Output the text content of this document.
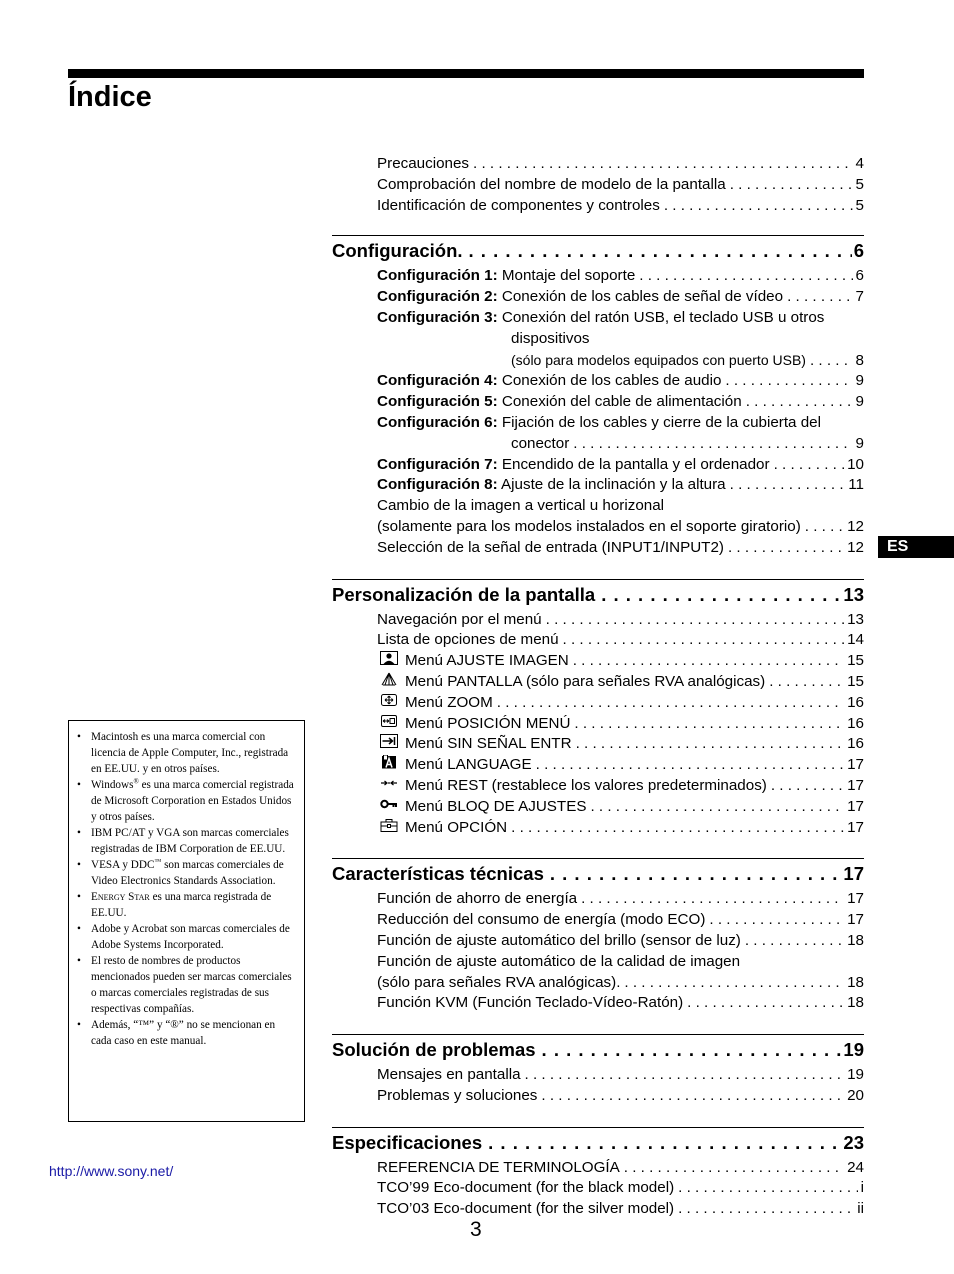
Índice
Precauciones . . .	4
Comprobación del nombre de modelo de la pantalla . . .	5
Identificación de componentes y controles . . .	5
Configuración. . . .	6
Configuración 1: Montaje del soporte . . .	6
Configuración 2: Conexión de los cables de señal de vídeo . . .	7
Configuración 3: Conexión del ratón USB, el teclado USB u otros
dispositivos
(sólo para modelos equipados con puerto USB) . . .	8
Configuración 4: Conexión de los cables de audio . . .	9
Configuración 5: Conexión del cable de alimentación . . .	9
Configuración 6: Fijación de los cables y cierre de la cubierta del
conector . . .	9
Configuración 7: Encendido de la pantalla y el ordenador . . .	10
Configuración 8: Ajuste de la inclinación y la altura . . .	11
Cambio de la imagen a vertical u horizonal
(solamente para los modelos instalados en el soporte giratorio) . . .	12
Selección de la señal de entrada (INPUT1/INPUT2) . . .	12
Personalización de la pantalla . . .	13
Navegación por el menú . . .	13
Lista de opciones de menú . . .	14
Menú AJUSTE IMAGEN . . .	15
Menú PANTALLA (sólo para señales RVA analógicas) . . .	15
Menú ZOOM . . .	16
Menú POSICIÓN MENÚ . . .	16
Menú SIN SEÑAL ENTR . . .	16
Menú LANGUAGE . . .	17
Menú REST (restablece los valores predeterminados) . . .	17
Menú BLOQ DE AJUSTES . . .	17
Menú OPCIÓN . . .	17
Características técnicas . . .	17
Función de ahorro de energía . . .	17
Reducción del consumo de energía (modo ECO) . . .	17
Función de ajuste automático del brillo (sensor de luz) . . .	18
Función de ajuste automático de la calidad de imagen
(sólo para señales RVA analógicas). . . .	18
Función KVM (Función Teclado-Vídeo-Ratón) . . .	18
Solución de problemas . . .	19
Mensajes en pantalla . . .	19
Problemas y soluciones . . .	20
Especificaciones . . .	23
REFERENCIA DE TERMINOLOGÍA . . .	24
TCO’99 Eco-document (for the black model) . . .	i
TCO’03 Eco-document (for the silver model) . . .	ii
ES
• Macintosh es una marca comercial con licencia de Apple Computer, Inc., registrada en EE.UU. y en otros países.
• Windows® es una marca comercial registrada de Microsoft Corporation en Estados Unidos y otros países.
• IBM PC/AT y VGA son marcas comerciales registradas de IBM Corporation de EE.UU.
• VESA y DDC™ son marcas comerciales de Video Electronics Standards Association.
• Energy Star es una marca registrada de EE.UU.
• Adobe y Acrobat son marcas comerciales de Adobe Systems Incorporated.
• El resto de nombres de productos mencionados pueden ser marcas comerciales o marcas comerciales registradas de sus respectivas compañías.
• Además, “™” y “®” no se mencionan en cada caso en este manual.
http://www.sony.net/
3
